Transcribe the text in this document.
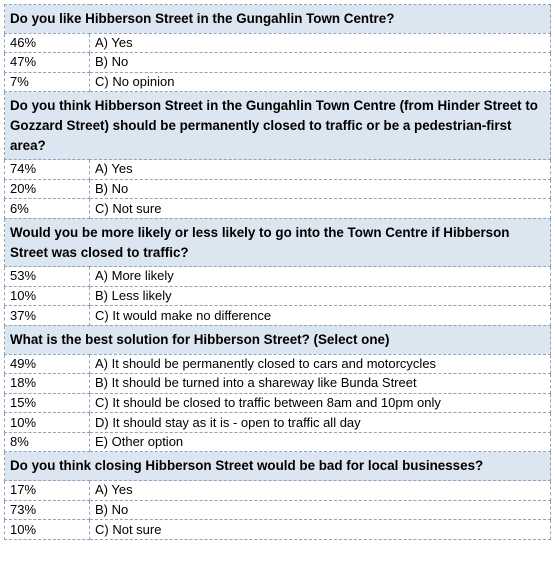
Do you like Hibberson Street in the Gungahlin Town Centre?	
46%	A) Yes
47%	B) No
7%	C) No opinion
Do you think Hibberson Street in the Gungahlin Town Centre (from Hinder Street to Gozzard Street) should be permanently closed to traffic or be a pedestrian-first area?	
74%	A) Yes
20%	B) No
6%	C) Not sure
Would you be more likely or less likely to go into the Town Centre if Hibberson Street was closed to traffic?	
53%	A) More likely
10%	B) Less likely
37%	C) It would make no difference
What is the best solution for Hibberson Street? (Select one)	
49%	A) It should be permanently closed to cars and motorcycles
18%	B) It should be turned into a shareway like Bunda Street
15%	C) It should be closed to traffic between 8am and 10pm only
10%	D) It should stay as it is - open to traffic all day
8%	E) Other option
Do you think closing Hibberson Street would be bad for local businesses?	
17%	A) Yes
73%	B) No
10%	C) Not sure
